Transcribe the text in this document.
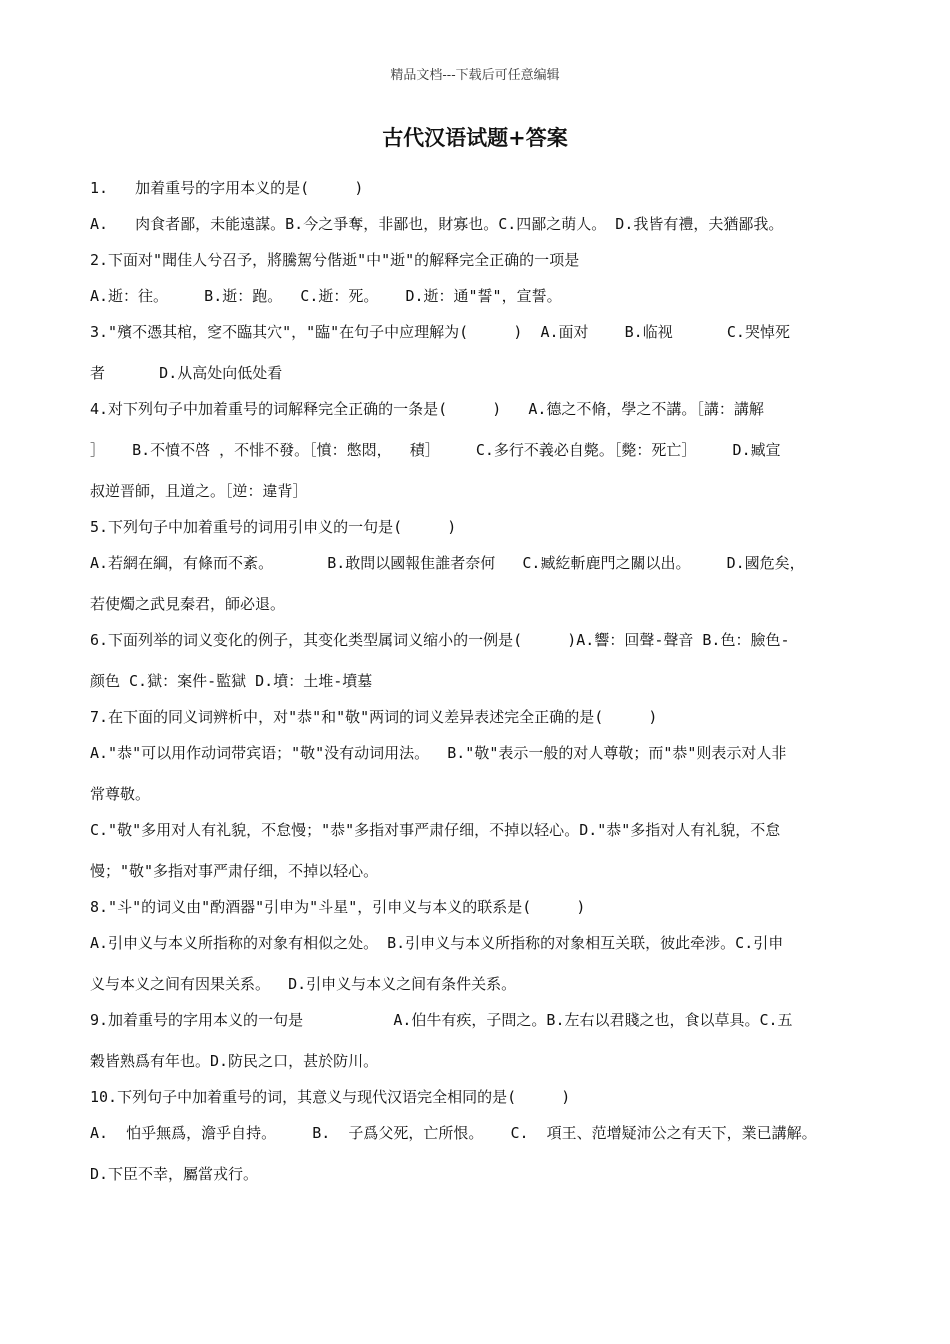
精品文档---下载后可任意编辑
古代汉语试题+答案
1.   加着重号的字用本义的是(     )
A.   肉食者鄙，未能遠謀。B.今之爭奪，非鄙也，財寡也。C.四鄙之萌人。 D.我皆有禮，夫猶鄙我。
2.下面对"聞佳人兮召予，將騰駕兮偕逝"中"逝"的解释完全正确的一项是
A.逝：往。    B.逝：跑。  C.逝：死。   D.逝：通"誓"，宣誓。
3."殯不憑其棺，窆不臨其穴"，"臨"在句子中应理解为(     )  A.面对    B.临视      C.哭悼死
者      D.从高处向低处看
4.对下列句子中加着重号的词解释完全正确的一条是(     )   A.德之不脩，學之不講。［講：講解
］   B.不憤不啓 ，不悱不發。［憤：憋悶，  積］    C.多行不義必自斃。［斃：死亡］    D.臧宣
叔逆晋師，且道之。［逆：違背］
5.下列句子中加着重号的词用引申义的一句是(     )
A.若網在綱，有條而不紊。      B.敢問以國報隹誰者奈何   C.臧紇斬鹿門之關以出。    D.國危矣，
若使燭之武見秦君，師必退。
6.下面列举的词义变化的例子，其变化类型属词义缩小的一例是(     )A.響：回聲-聲音 B.色：臉色-
颜色 C.獄：案件-監獄 D.墳：土堆-墳墓
7.在下面的同义词辨析中，对"恭"和"敬"两词的词义差异表述完全正确的是(     )
A."恭"可以用作动词带宾语；"敬"没有动词用法。  B."敬"表示一般的对人尊敬；而"恭"则表示对人非
常尊敬。
C."敬"多用对人有礼貌，不怠慢；"恭"多指对事严肃仔细，不掉以轻心。D."恭"多指对人有礼貌，不怠
慢；"敬"多指对事严肃仔细，不掉以轻心。
8."斗"的词义由"酌酒器"引申为"斗星"，引申义与本义的联系是(     )
A.引申义与本义所指称的对象有相似之处。 B.引申义与本义所指称的对象相互关联，彼此牵涉。C.引申
义与本义之间有因果关系。  D.引申义与本义之间有条件关系。
9.加着重号的字用本义的一句是          A.伯牛有疾，子問之。B.左右以君賤之也，食以草具。C.五
穀皆熟爲有年也。D.防民之口，甚於防川。
10.下列句子中加着重号的词，其意义与现代汉语完全相同的是(     )
A.  怕乎無爲，澹乎自持。    B.  子爲父死，亡所恨。   C.  項王、范增疑沛公之有天下，業已講解。
D.下臣不幸，屬當戎行。
